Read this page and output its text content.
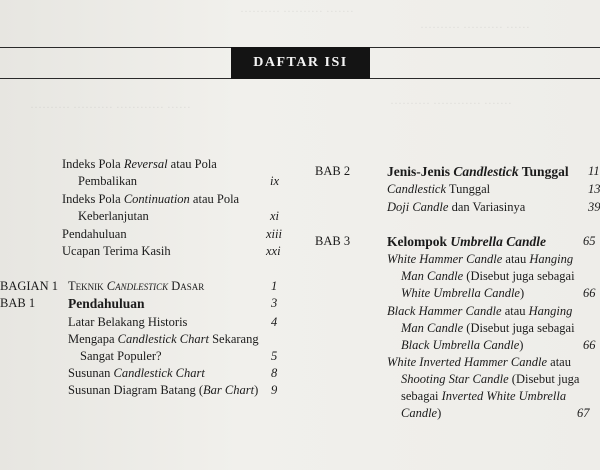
·········· ·········· ·······
·········· ·········· ······
·········· ·········· ············ ······	·········· ············ ·······
DAFTAR ISI
Indeks Pola Reversal atau Pola
Pembalikan	ix
Indeks Pola Continuation atau Pola
Keberlanjutan	xi
Pendahuluan	xiii
Ucapan Terima Kasih	xxi
BAGIAN 1 Teknik Candlestick Dasar	1
BAB 1 Pendahuluan	3
Latar Belakang Historis	4
Mengapa Candlestick Chart Sekarang
Sangat Populer?	5
Susunan Candlestick Chart	8
Susunan Diagram Batang (Bar Chart) 9
BAB 2	Jenis-Jenis Candlestick Tunggal 11
Candlestick Tunggal	13
Doji Candle dan Variasinya	39
BAB 3	Kelompok Umbrella Candle	65
White Hammer Candle atau Hanging
Man Candle (Disebut juga sebagai
White Umbrella Candle)	66
Black Hammer Candle atau Hanging
Man Candle (Disebut juga sebagai
Black Umbrella Candle)	66
White Inverted Hammer Candle atau
Shooting Star Candle (Disebut juga
sebagai Inverted White Umbrella
Candle)	67
